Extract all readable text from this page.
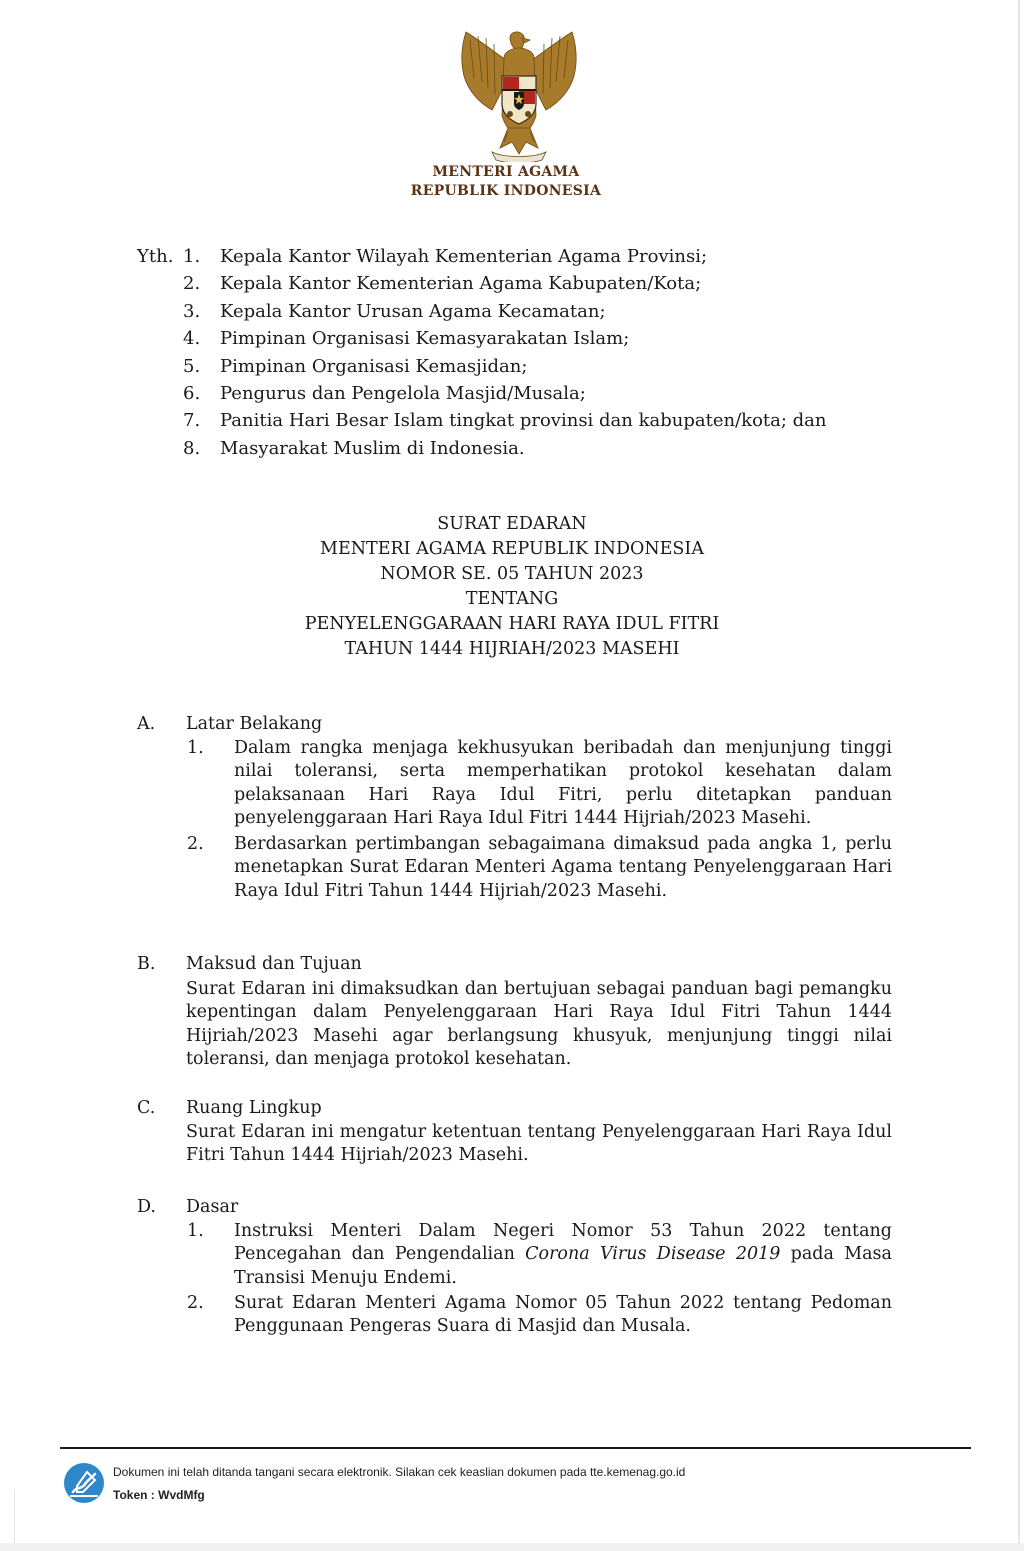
MENTERI AGAMA
REPUBLIK INDONESIA
Yth. 1.	Kepala Kantor Wilayah Kementerian Agama Provinsi;
2.	Kepala Kantor Kementerian Agama Kabupaten/Kota;
3.	Kepala Kantor Urusan Agama Kecamatan;
4.	Pimpinan Organisasi Kemasyarakatan Islam;
5.	Pimpinan Organisasi Kemasjidan;
6.	Pengurus dan Pengelola Masjid/Musala;
7.	Panitia Hari Besar Islam tingkat provinsi dan kabupaten/kota; dan
8.	Masyarakat Muslim di Indonesia.
SURAT EDARAN
MENTERI AGAMA REPUBLIK INDONESIA
NOMOR SE. 05 TAHUN 2023
TENTANG
PENYELENGGARAAN HARI RAYA IDUL FITRI
TAHUN 1444 HIJRIAH/2023 MASEHI
A. Latar Belakang
1. Dalam rangka menjaga kekhusyukan beribadah dan menjunjung tinggi nilai toleransi, serta memperhatikan protokol kesehatan dalam pelaksanaan Hari Raya Idul Fitri, perlu ditetapkan panduan penyelenggaraan Hari Raya Idul Fitri 1444 Hijriah/2023 Masehi.

2. Berdasarkan pertimbangan sebagaimana dimaksud pada angka 1, perlu menetapkan Surat Edaran Menteri Agama tentang Penyelenggaraan Hari Raya Idul Fitri Tahun 1444 Hijriah/2023 Masehi.

B. Maksud dan Tujuan

Surat Edaran ini dimaksudkan dan bertujuan sebagai panduan bagi pemangku kepentingan dalam Penyelenggaraan Hari Raya Idul Fitri Tahun 1444 Hijriah/2023 Masehi agar berlangsung khusyuk, menjunjung tinggi nilai toleransi, dan menjaga protokol kesehatan.

C. Ruang Lingkup

Surat Edaran ini mengatur ketentuan tentang Penyelenggaraan Hari Raya Idul Fitri Tahun 1444 Hijriah/2023 Masehi.

D. Dasar
1. Instruksi Menteri Dalam Negeri Nomor 53 Tahun 2022 tentang Pencegahan dan Pengendalian Corona Virus Disease 2019 pada Masa Transisi Menuju Endemi.

2. Surat Edaran Menteri Agama Nomor 05 Tahun 2022 tentang Pedoman Penggunaan Pengeras Suara di Masjid dan Musala.

Dokumen ini telah ditanda tangani secara elektronik. Silakan cek keaslian dokumen pada tte.kemenag.go.id
Token : WvdMfg
